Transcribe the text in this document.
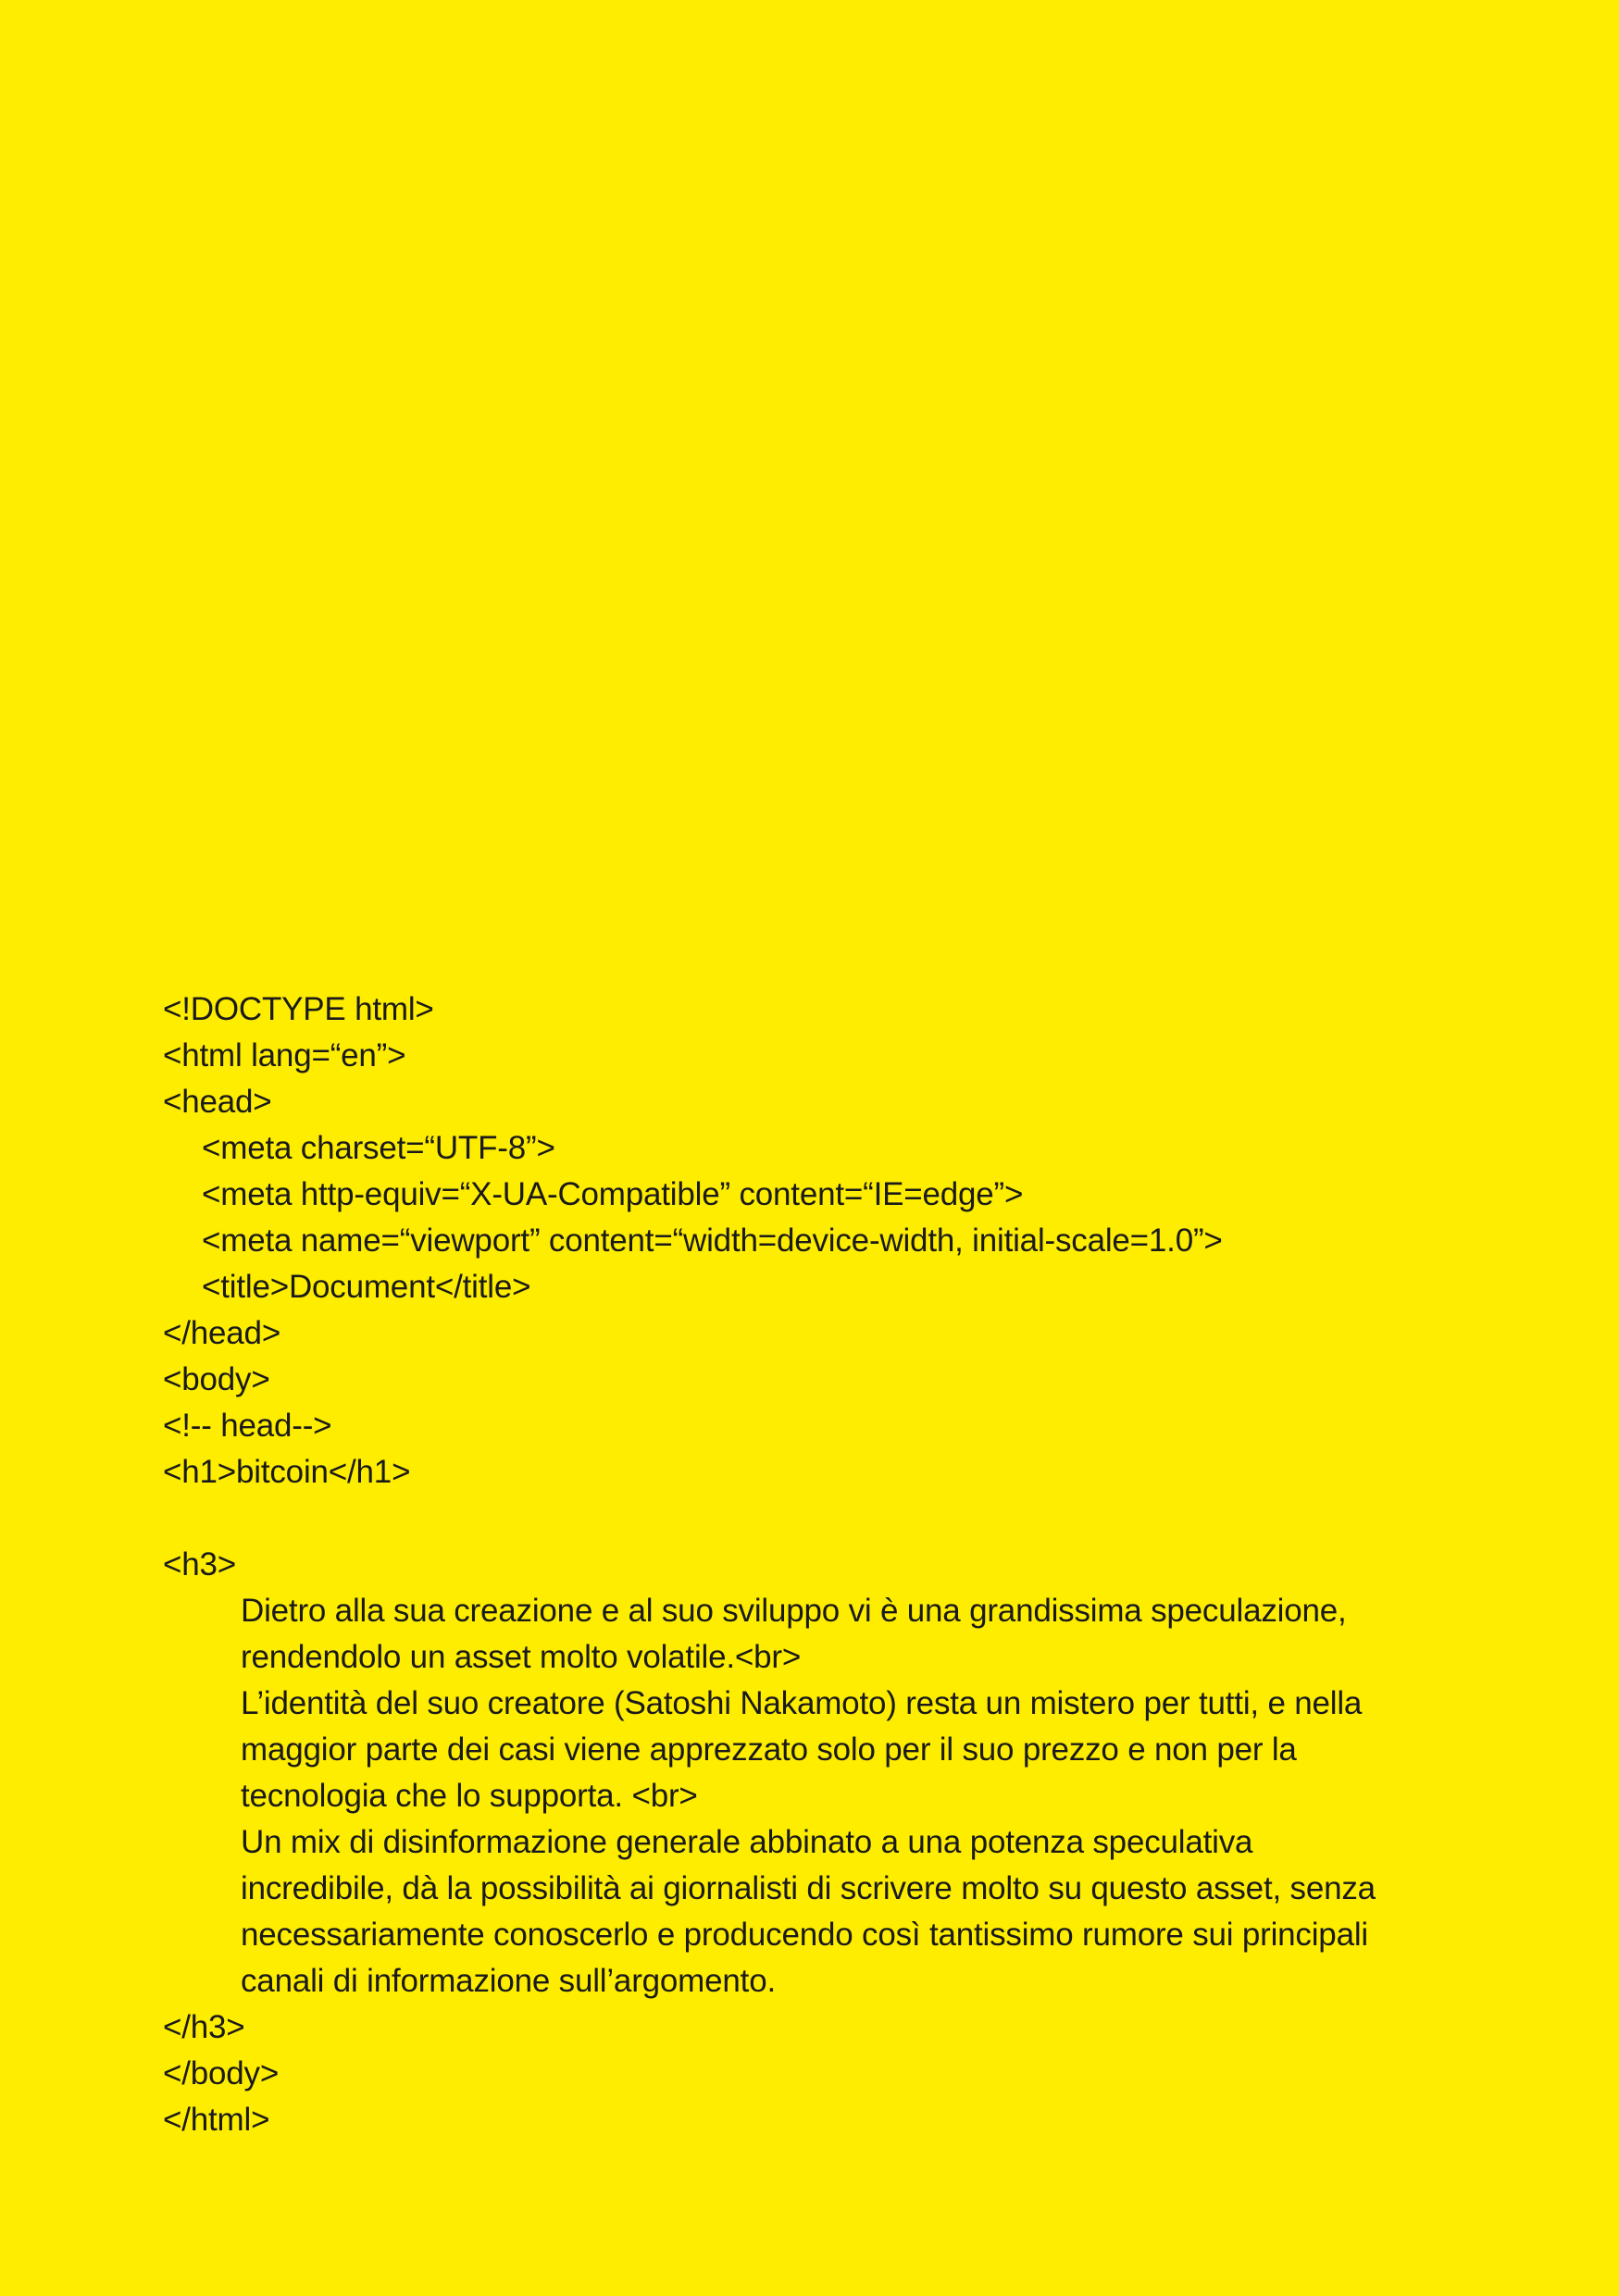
<!DOCTYPE html>
<html lang=“en”>
<head>
<meta charset=“UTF-8”>
<meta http-equiv=“X-UA-Compatible” content=“IE=edge”>
<meta name=“viewport” content=“width=device-width, initial-scale=1.0”>
<title>Document</title>
</head>
<body>
<!-- head-->
<h1>bitcoin</h1>
<h3>
Dietro alla sua creazione e al suo sviluppo vi è una grandissima speculazione,
rendendolo un asset molto volatile.<br>
L’identità del suo creatore (Satoshi Nakamoto) resta un mistero per tutti, e nella
maggior parte dei casi viene apprezzato solo per il suo prezzo e non per la
tecnologia che lo supporta. <br>
Un mix di disinformazione generale abbinato a una potenza speculativa
incredibile, dà la possibilità ai giornalisti di scrivere molto su questo asset, senza
necessariamente conoscerlo e producendo così tantissimo rumore sui principali
canali di informazione sull’argomento.
</h3>
</body>
</html>
